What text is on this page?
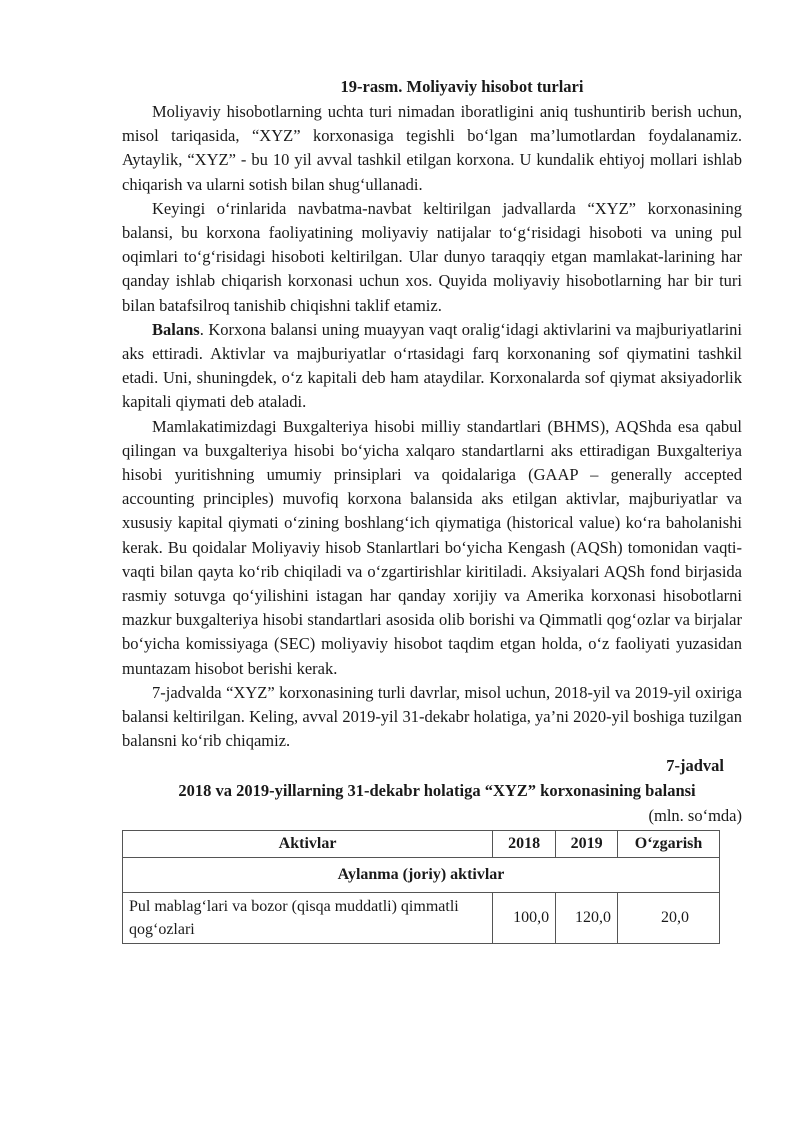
19-rasm. Moliyaviy hisobot turlari

Moliyaviy hisobotlarning uchta turi nimadan iboratligini aniq tushuntirib berish uchun, misol tariqasida, “XYZ” korxonasiga tegishli bo‘lgan ma’lumotlardan foydalanamiz. Aytaylik, “XYZ” - bu 10 yil avval tashkil etilgan korxona. U kundalik ehtiyoj mollari ishlab chiqarish va ularni sotish bilan shug‘ullanadi.

Keyingi o‘rinlarida navbatma-navbat keltirilgan jadvallarda “XYZ” korxonasining balansi, bu korxona faoliyatining moliyaviy natijalar to‘g‘risidagi hisoboti va uning pul oqimlari to‘g‘risidagi hisoboti keltirilgan. Ular dunyo taraqqiy etgan mamlakat-larining har qanday ishlab chiqarish korxonasi uchun xos. Quyida moliyaviy hisobotlarning har bir turi bilan batafsilroq tanishib chiqishni taklif etamiz.

Balans. Korxona balansi uning muayyan vaqt oralig‘idagi aktivlarini va majburiyatlarini aks ettiradi. Aktivlar va majburiyatlar o‘rtasidagi farq korxonaning sof qiymatini tashkil etadi. Uni, shuningdek, o‘z kapitali deb ham ataydilar. Korxonalarda sof qiymat aksiyadorlik kapitali qiymati deb ataladi.

Mamlakatimizdagi Buxgalteriya hisobi milliy standartlari (BHMS), AQShda esa qabul qilingan va buxgalteriya hisobi bo‘yicha xalqaro standartlarni aks ettiradigan Buxgalteriya hisobi yuritishning umumiy prinsiplari va qoidalariga (GAAP – generally accepted accounting principles) muvofiq korxona balansida aks etilgan aktivlar, majburiyatlar va xususiy kapital qiymati o‘zining boshlang‘ich qiymatiga (historical value) ko‘ra baholanishi kerak. Bu qoidalar Moliyaviy hisob Stanlartlari bo‘yicha Kengash (AQSh) tomonidan vaqti-vaqti bilan qayta ko‘rib chiqiladi va o‘zgartirishlar kiritiladi. Aksiyalari AQSh fond birjasida rasmiy sotuvga qo‘yilishini istagan har qanday xorijiy va Amerika korxonasi hisobotlarni mazkur buxgalteriya hisobi standartlari asosida olib borishi va Qimmatli qog‘ozlar va birjalar bo‘yicha komissiyaga (SEC) moliyaviy hisobot taqdim etgan holda, o‘z faoliyati yuzasidan muntazam hisobot berishi kerak.

7-jadvalda “XYZ” korxonasining turli davrlar, misol uchun, 2018-yil va 2019-yil oxiriga balansi keltirilgan. Keling, avval 2019-yil 31-dekabr holatiga, ya’ni 2020-yil boshiga tuzilgan balansni ko‘rib chiqamiz.

7-jadval
2018 va 2019-yillarning 31-dekabr holatiga “XYZ” korxonasining balansi
(mln. so‘mda)
Aktivlar	2018	2019	O‘zgarish
Aylanma (joriy) aktivlar			
Pul mablag‘lari va bozor (qisqa muddatli) qimmatli qog‘ozlari	100,0	120,0	20,0
